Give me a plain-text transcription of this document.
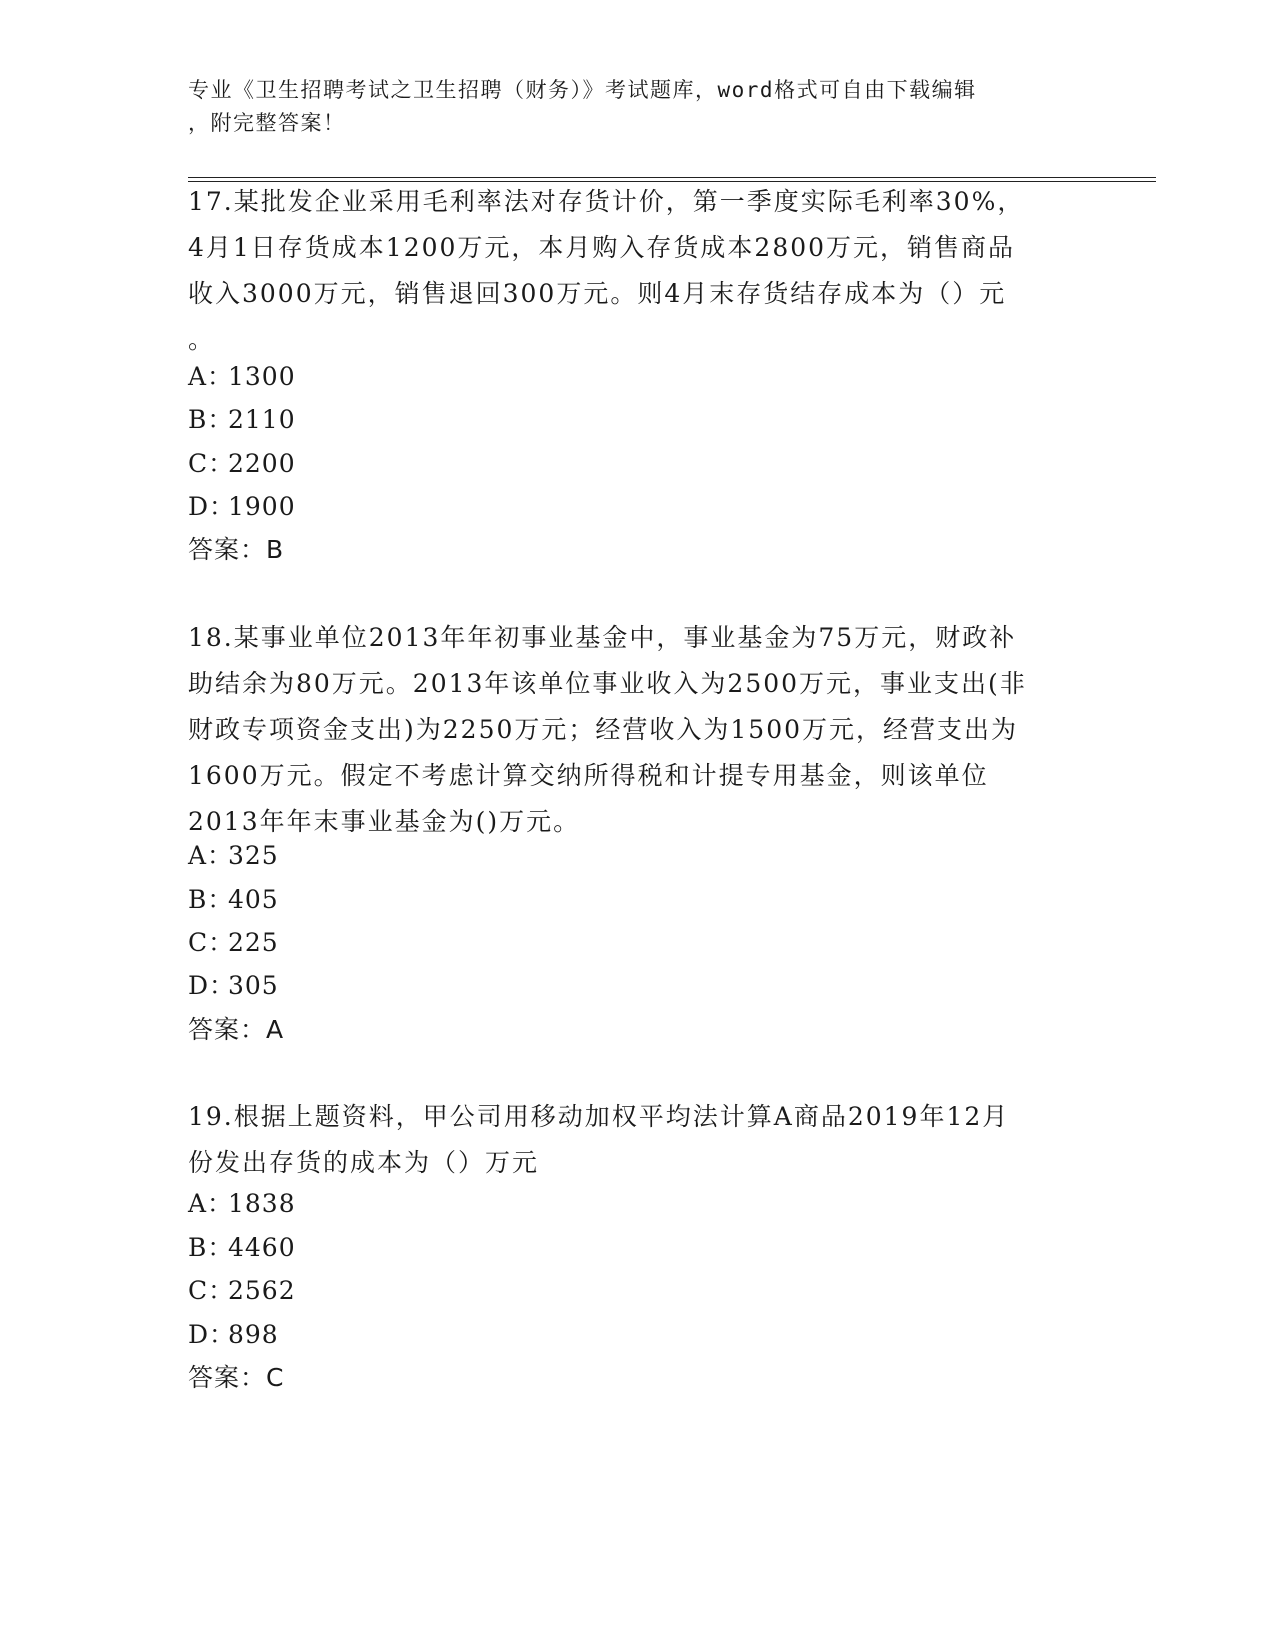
专业《卫生招聘考试之卫生招聘（财务）》考试题库，word格式可自由下载编辑
，附完整答案！
17.某批发企业采用毛利率法对存货计价，第一季度实际毛利率30%，
4月1日存货成本1200万元，本月购入存货成本2800万元，销售商品
收入3000万元，销售退回300万元。则4月末存货结存成本为（）元
。
A：1300
B：2110
C：2200
D：1900
答案：B
18.某事业单位2013年年初事业基金中，事业基金为75万元，财政补
助结余为80万元。2013年该单位事业收入为2500万元，事业支出(非
财政专项资金支出)为2250万元；经营收入为1500万元，经营支出为
1600万元。假定不考虑计算交纳所得税和计提专用基金，则该单位
2013年年末事业基金为()万元。
A：325
B：405
C：225
D：305
答案：A
19.根据上题资料，甲公司用移动加权平均法计算A商品2019年12月
份发出存货的成本为（）万元
A：1838
B：4460
C：2562
D：898
答案：C
